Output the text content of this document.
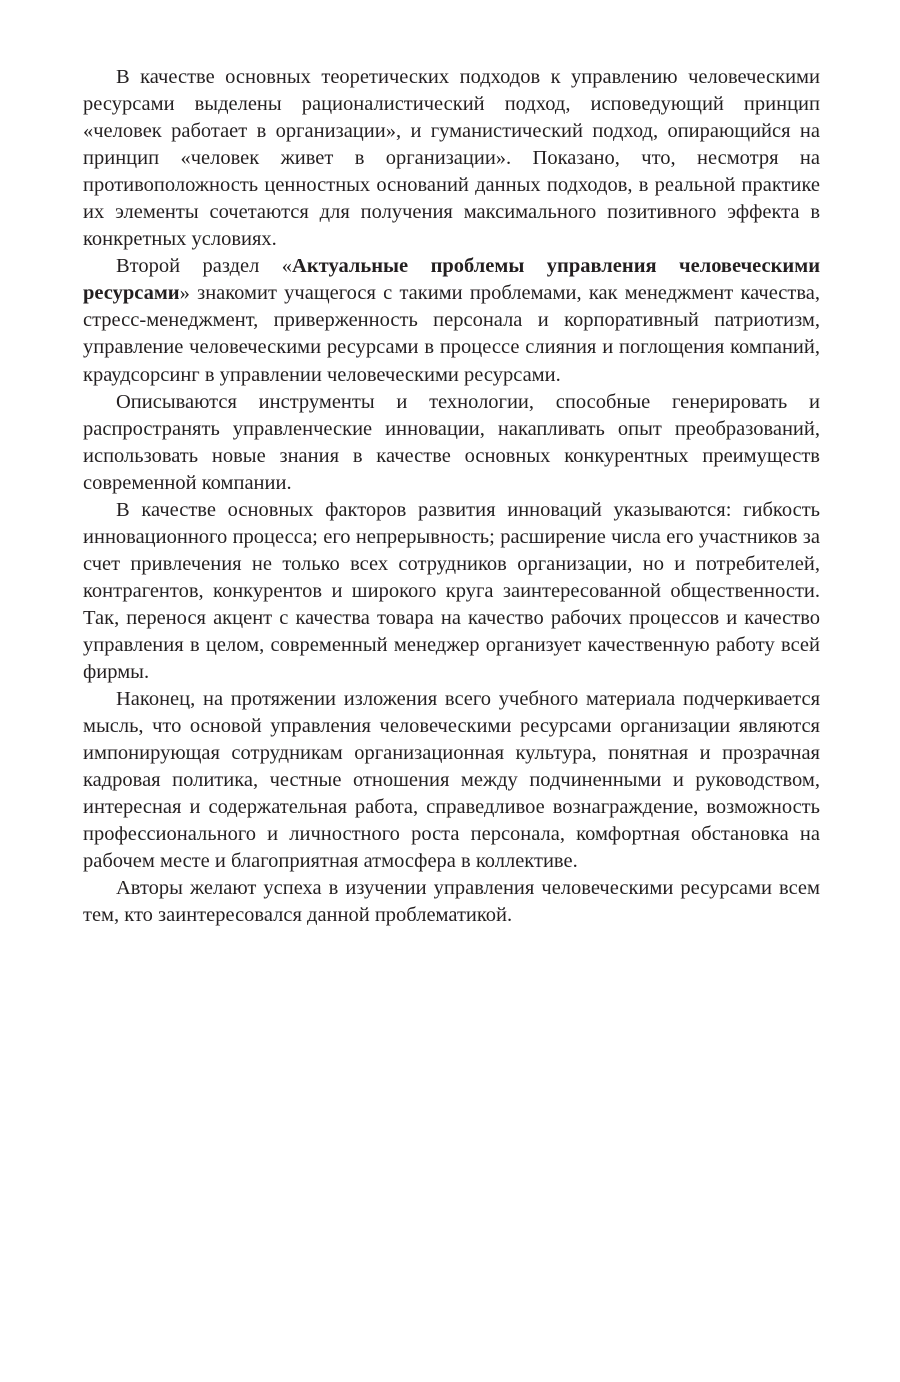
В качестве основных теоретических подходов к управлению человеческими ресурсами выделены рационалистический подход, исповедующий принцип «человек работает в организации», и гуманистический подход, опирающийся на принцип «человек живет в организации». Показано, что, несмотря на противоположность ценностных оснований данных подходов, в реальной практике их элементы сочетаются для получения максимального позитивного эффекта в конкретных условиях.

Второй раздел «Актуальные проблемы управления человеческими ресурсами» знакомит учащегося с такими проблемами, как менеджмент качества, стресс-менеджмент, приверженность персонала и корпоративный патриотизм, управление человеческими ресурсами в процессе слияния и поглощения компаний, краудсорсинг в управлении человеческими ресурсами.

Описываются инструменты и технологии, способные генерировать и распространять управленческие инновации, накапливать опыт преобразований, использовать новые знания в качестве основных конкурентных преимуществ современной компании.

В качестве основных факторов развития инноваций указываются: гибкость инновационного процесса; его непрерывность; расширение числа его участников за счет привлечения не только всех сотрудников организации, но и потребителей, контрагентов, конкурентов и широкого круга заинтересованной общественности. Так, перенося акцент с качества товара на качество рабочих процессов и качество управления в целом, современный менеджер организует качественную работу всей фирмы.

Наконец, на протяжении изложения всего учебного материала подчеркивается мысль, что основой управления человеческими ресурсами организации являются импонирующая сотрудникам организационная культура, понятная и прозрачная кадровая политика, честные отношения между подчиненными и руководством, интересная и содержательная работа, справедливое вознаграждение, возможность профессионального и личностного роста персонала, комфортная обстановка на рабочем месте и благоприятная атмосфера в коллективе.

Авторы желают успеха в изучении управления человеческими ресурсами всем тем, кто заинтересовался данной проблематикой.
